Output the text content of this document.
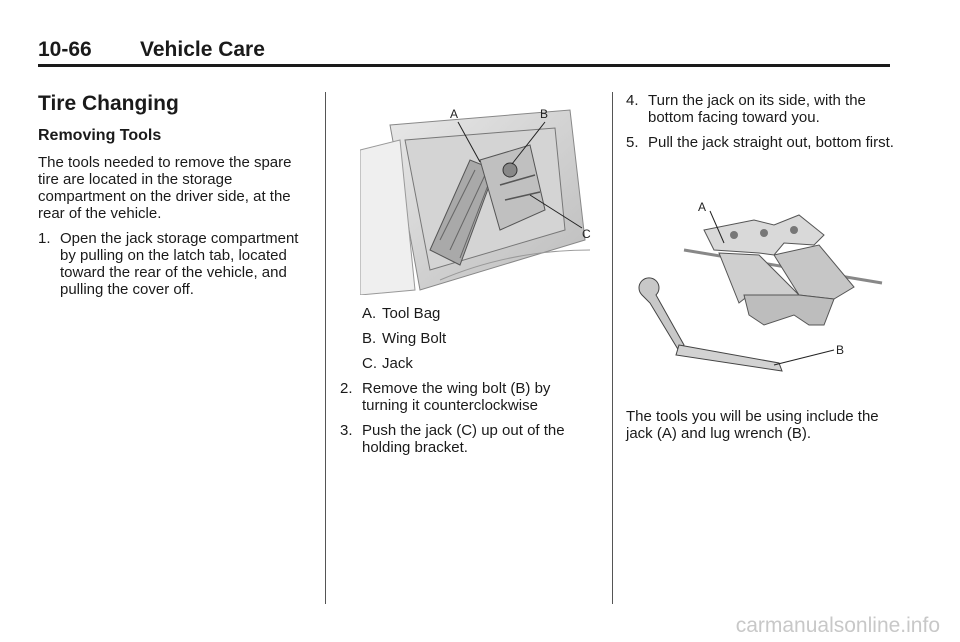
10-66 Vehicle Care
Tire Changing
Removing Tools

The tools needed to remove the spare tire are located in the storage compartment on the driver side, at the rear of the vehicle.

1. Open the jack storage compartment by pulling on the latch tab, located toward the rear of the vehicle, and pulling the cover off.
A	B
C
A. Tool Bag
B. Wing Bolt
C. Jack
2. Remove the wing bolt (B) by turning it counterclockwise
3. Push the jack (C) up out of the holding bracket.
4. Turn the jack on its side, with the bottom facing toward you.
5. Pull the jack straight out, bottom first.

The tools you will be using include the jack (A) and lug wrench (B).

A
B
carmanualsonline.info
